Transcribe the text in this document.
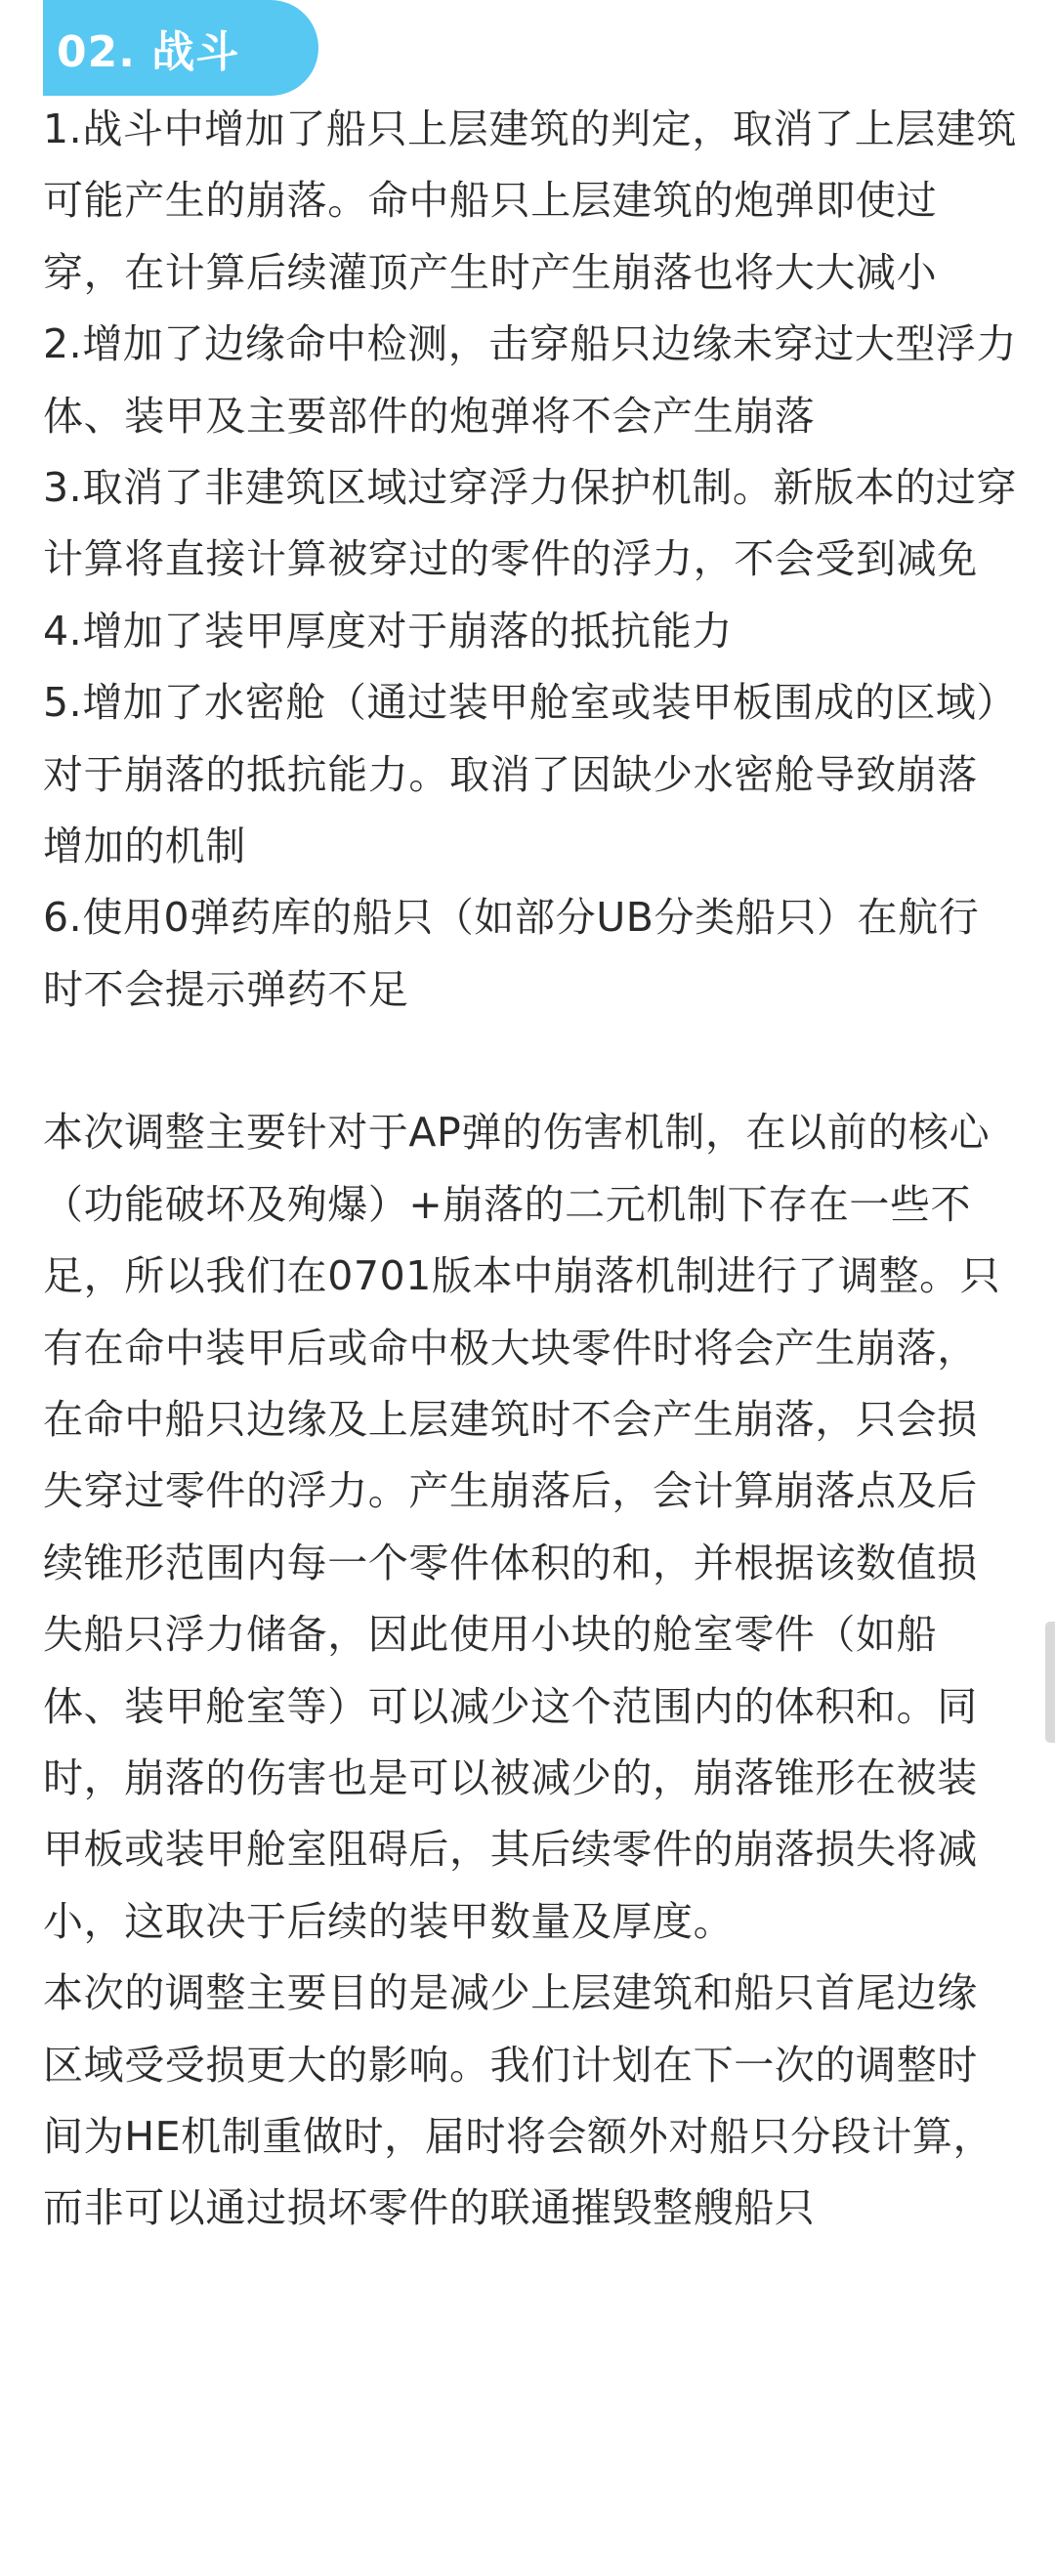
02. 战斗

1.战斗中增加了船只上层建筑的判定，取消了上层建筑可能产生的崩落。命中船只上层建筑的炮弹即使过穿，在计算后续灌顶产生时产生崩落也将大大减小

2.增加了边缘命中检测，击穿船只边缘未穿过大型浮力体、装甲及主要部件的炮弹将不会产生崩落

3.取消了非建筑区域过穿浮力保护机制。新版本的过穿计算将直接计算被穿过的零件的浮力，不会受到减免

4.增加了装甲厚度对于崩落的抵抗能力

5.增加了水密舱（通过装甲舱室或装甲板围成的区域）对于崩落的抵抗能力。取消了因缺少水密舱导致崩落增加的机制

6.使用0弹药库的船只（如部分UB分类船只）在航行时不会提示弹药不足

本次调整主要针对于AP弹的伤害机制，在以前的核心（功能破坏及殉爆）+崩落的二元机制下存在一些不足，所以我们在0701版本中崩落机制进行了调整。只有在命中装甲后或命中极大块零件时将会产生崩落，在命中船只边缘及上层建筑时不会产生崩落，只会损失穿过零件的浮力。产生崩落后，会计算崩落点及后续锥形范围内每一个零件体积的和，并根据该数值损失船只浮力储备，因此使用小块的舱室零件（如船体、装甲舱室等）可以减少这个范围内的体积和。同时，崩落的伤害也是可以被减少的，崩落锥形在被装甲板或装甲舱室阻碍后，其后续零件的崩落损失将减小，这取决于后续的装甲数量及厚度。

本次的调整主要目的是减少上层建筑和船只首尾边缘区域受受损更大的影响。我们计划在下一次的调整时间为HE机制重做时，届时将会额外对船只分段计算，而非可以通过损坏零件的联通摧毁整艘船只
